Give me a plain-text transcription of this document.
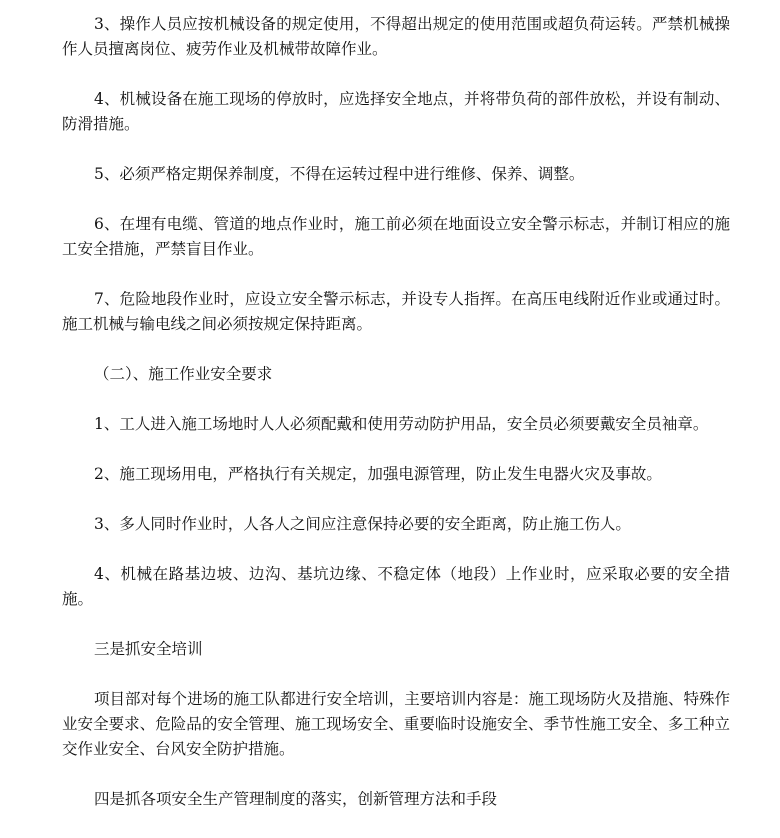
3、操作人员应按机械设备的规定使用，不得超出规定的使用范围或超负荷运转。严禁机械操作人员擅离岗位、疲劳作业及机械带故障作业。

4、机械设备在施工现场的停放时，应选择安全地点，并将带负荷的部件放松，并设有制动、防滑措施。

5、必须严格定期保养制度，不得在运转过程中进行维修、保养、调整。

6、在埋有电缆、管道的地点作业时，施工前必须在地面设立安全警示标志，并制订相应的施工安全措施，严禁盲目作业。

7、危险地段作业时，应设立安全警示标志，并设专人指挥。在高压电线附近作业或通过时。施工机械与输电线之间必须按规定保持距离。

（二）、施工作业安全要求

1、工人进入施工场地时人人必须配戴和使用劳动防护用品，安全员必须要戴安全员袖章。

2、施工现场用电，严格执行有关规定，加强电源管理，防止发生电器火灾及事故。

3、多人同时作业时，人各人之间应注意保持必要的安全距离，防止施工伤人。

4、机械在路基边坡、边沟、基坑边缘、不稳定体（地段）上作业时，应采取必要的安全措施。

三是抓安全培训

项目部对每个进场的施工队都进行安全培训，主要培训内容是：施工现场防火及措施、特殊作业安全要求、危险品的安全管理、施工现场安全、重要临时设施安全、季节性施工安全、多工种立交作业安全、台风安全防护措施。

四是抓各项安全生产管理制度的落实，创新管理方法和手段
